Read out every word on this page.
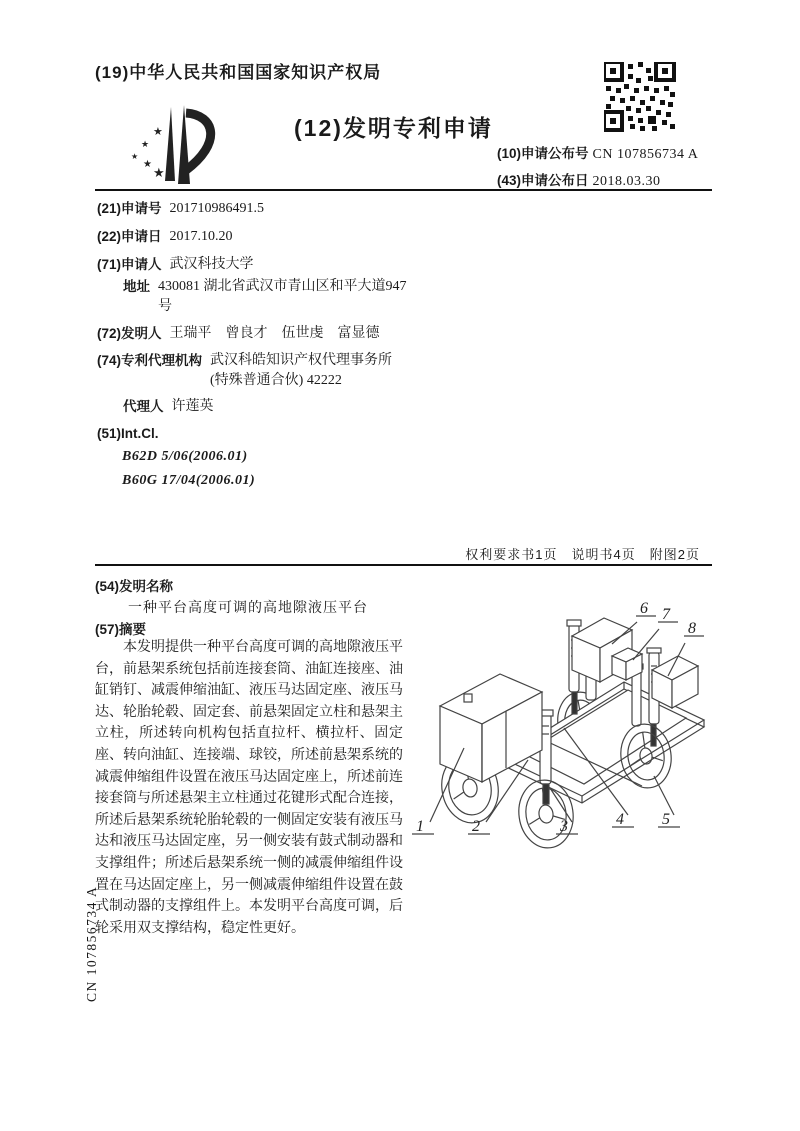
(19)中华人民共和国国家知识产权局
★
★
★
★
★
(12)发明专利申请
(10)申请公布号 CN 107856734 A
(43)申请公布日 2018.03.30
(21)申请号 201710986491.5
(22)申请日 2017.10.20
(71)申请人 武汉科技大学
地址 430081 湖北省武汉市青山区和平大道947号
(72)发明人 王瑞平　曾良才　伍世虔　富显德
(74)专利代理机构 武汉科皓知识产权代理事务所(特殊普通合伙) 42222
代理人 许莲英
(51)Int.Cl.
B62D 5/06(2006.01)
B60G 17/04(2006.01)
权利要求书1页　说明书4页　附图2页
(54)发明名称
一种平台高度可调的高地隙液压平台
(57)摘要
本发明提供一种平台高度可调的高地隙液压平台，前悬架系统包括前连接套筒、油缸连接座、油缸销钉、减震伸缩油缸、液压马达固定座、液压马达、轮胎轮毂、固定套、前悬架固定立柱和悬架主立柱，所述转向机构包括直拉杆、横拉杆、固定座、转向油缸、连接端、球铰，所述前悬架系统的减震伸缩组件设置在液压马达固定座上，所述前连接套筒与所述悬架主立柱通过花键形式配合连接，所述后悬架系统轮胎轮毂的一侧固定安装有液压马达和液压马达固定座，另一侧安装有鼓式制动器和支撑组件；所述后悬架系统一侧的减震伸缩组件设置在马达固定座上，另一侧减震伸缩组件设置在鼓式制动器的支撑组件上。本发明平台高度可调，后轮采用双支撑结构，稳定性更好。
1	2	3	4 5
6 7
8
CN 107856734 A
